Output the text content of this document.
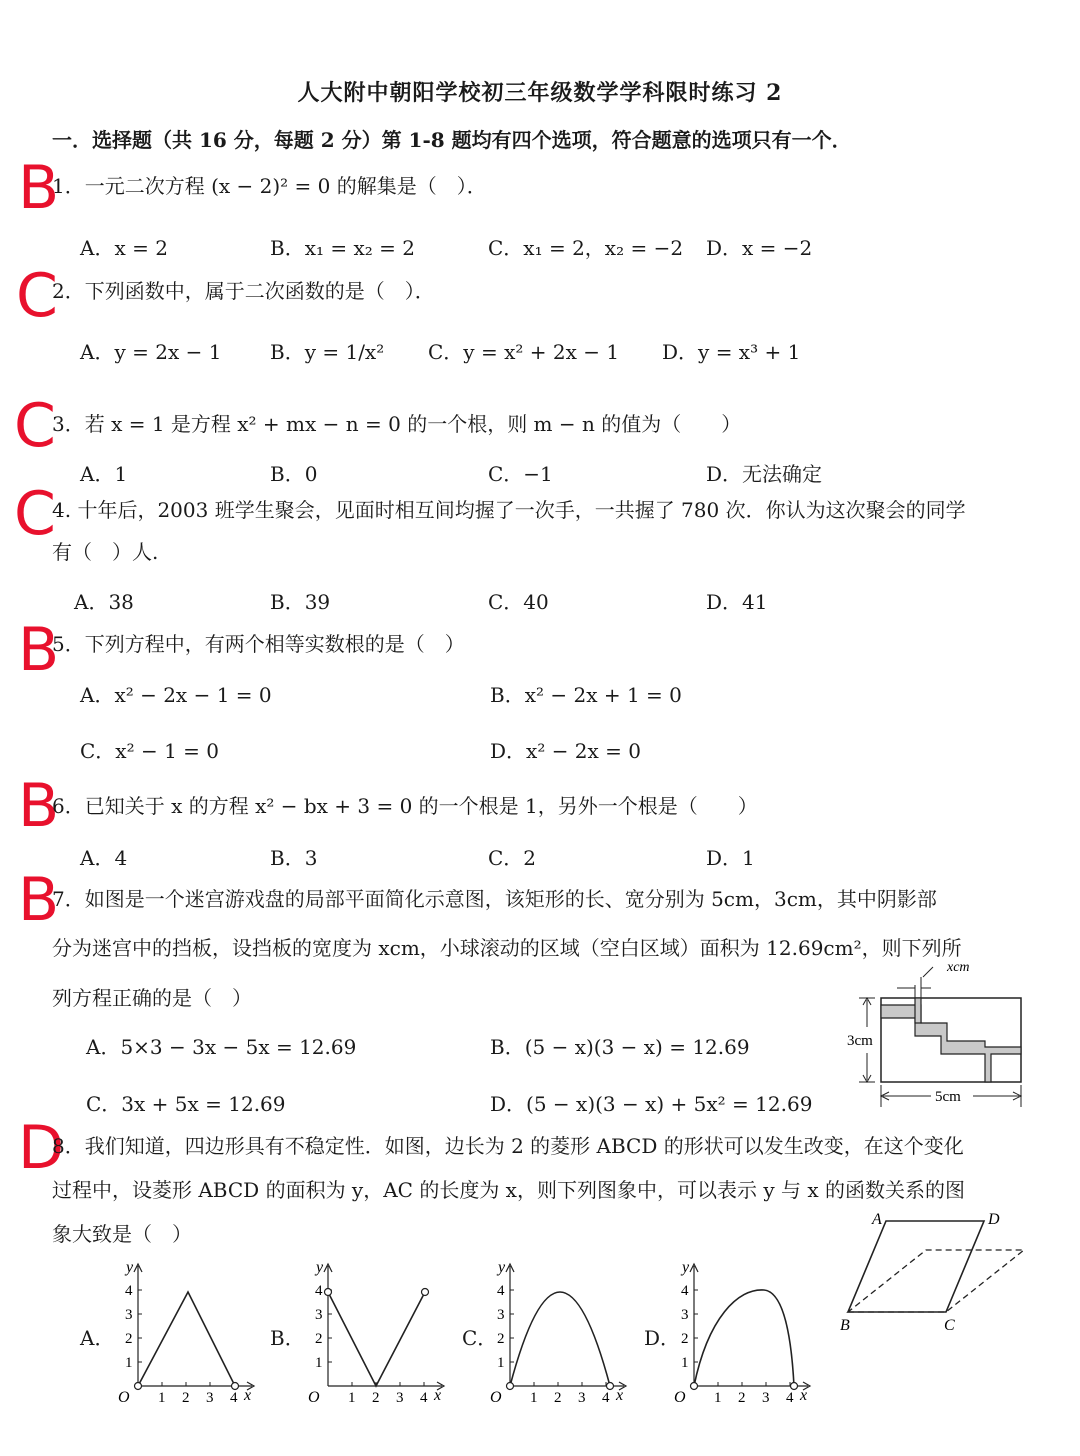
人大附中朝阳学校初三年级数学学科限时练习 2
一．选择题（共 16 分，每题 2 分）第 1-8 题均有四个选项，符合题意的选项只有一个．
B
C
C
C
B
B
B
D
1．一元二次方程 (x − 2)² = 0 的解集是（　）．
A．x = 2	B．x₁ = x₂ = 2	C．x₁ = 2，x₂ = −2 D．x = −2
2．下列函数中，属于二次函数的是（　）．
A．y = 2x − 1 B．y = 1/x² C．y = x² + 2x − 1 D．y = x³ + 1
3．若 x = 1 是方程 x² + mx − n = 0 的一个根，则 m − n 的值为（　　）
A．1	B．0	C．−1	D．无法确定
4. 十年后，2003 班学生聚会，见面时相互间均握了一次手，一共握了 780 次．你认为这次聚会的同学
有（　）人.
A．38	B．39	C．40	D．41
5．下列方程中，有两个相等实数根的是（　）
A．x² − 2x − 1 = 0	B．x² − 2x + 1 = 0
C．x² − 1 = 0	D．x² − 2x = 0
6．已知关于 x 的方程 x² − bx + 3 = 0 的一个根是 1，另外一个根是（　　）
A．4	B．3	C．2	D．1
7．如图是一个迷宫游戏盘的局部平面简化示意图，该矩形的长、宽分别为 5cm，3cm，其中阴影部
分为迷宫中的挡板，设挡板的宽度为 xcm，小球滚动的区域（空白区域）面积为 12.69cm²，则下列所
列方程正确的是（　）
A．5×3 − 3x − 5x = 12.69	B．(5 − x)(3 − x) = 12.69
C．3x + 5x = 12.69	D．(5 − x)(3 − x) + 5x² = 12.69
xcm
3cm
5cm
8．我们知道，四边形具有不稳定性．如图，边长为 2 的菱形 ABCD 的形状可以发生改变，在这个变化
过程中，设菱形 ABCD 的面积为 y，AC 的长度为 x，则下列图象中，可以表示 y 与 x 的函数关系的图
象大致是（　）
A	D
B	C
A．	B．	C．	D．
1
1
2
2
3
3
4
4
O
y
x	1
1
2
2
3
3
4
4
O
y
x	1
1
2
2
3
3
4
4
O
y
x	1
1
2
2
3
3
4
4
O
y
x
